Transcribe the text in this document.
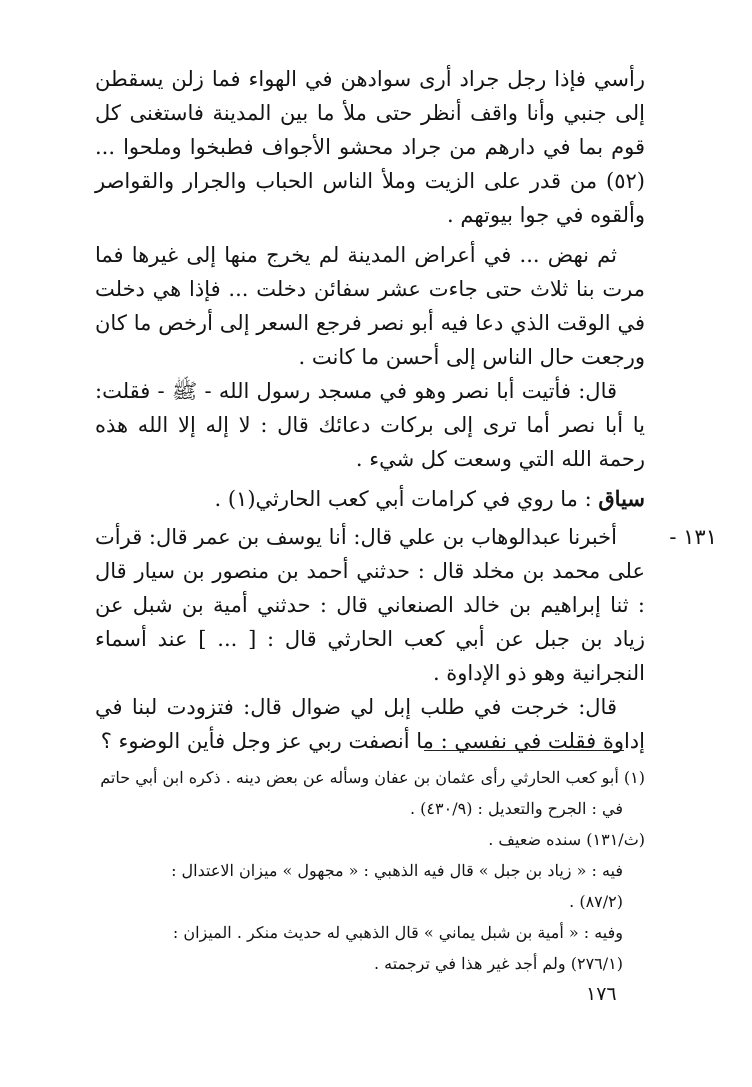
رأسي فإذا رجل جراد أرى سوادهن في الهواء فما زلن يسقطن إلى جنبي وأنا واقف أنظر حتى ملأ ما بين المدينة فاستغنى كل قوم بما في دارهم من جراد محشو الأجواف فطبخوا وملحوا ...(٥٢) من قدر على الزيت وملأ الناس الحباب والجرار والقواصر وألقوه في جوا بيوتهم .

ثم نهض ... في أعراض المدينة لم يخرج منها إلى غيرها فما مرت بنا ثلاث حتى جاءت عشر سفائن دخلت ... فإذا هي دخلت في الوقت الذي دعا فيه أبو نصر فرجع السعر إلى أرخص ما كان ورجعت حال الناس إلى أحسن ما كانت .

قال: فأتيت أبا نصر وهو في مسجد رسول الله - ﷺ - فقلت: يا أبا نصر أما ترى إلى بركات دعائك قال : لا إله إلا الله هذه رحمة الله التي وسعت كل شيء .

سياق : ما روي في كرامات أبي كعب الحارثي(١) .

١٣١ -

أخبرنا عبدالوهاب بن علي قال: أنا يوسف بن عمر قال: قرأت على محمد بن مخلد قال : حدثني أحمد بن منصور بن سيار قال : ثنا إبراهيم بن خالد الصنعاني قال : حدثني أمية بن شبل عن زياد بن جبل عن أبي كعب الحارثي قال : [ ... ] عند أسماء النجرانية وهو ذو الإداوة .

قال: خرجت في طلب إبل لي ضوال قال: فتزودت لبنا في إداوة فقلت في نفسي : ما أنصفت ربي عز وجل فأين الوضوء ؟

(١) أبو كعب الحارثي رأى عثمان بن عفان وسأله عن بعض دينه . ذكره ابن أبي حاتم

في : الجرح والتعديل : (٤٣٠/٩) .

(ث/١٣١) سنده ضعيف .

فيه : « زياد بن جبل » قال فيه الذهبي : « مجهول » ميزان الاعتدال :

(٨٧/٢) .

وفيه : « أمية بن شبل يماني » قال الذهبي له حديث منكر . الميزان :

(٢٧٦/١) ولم أجد غير هذا في ترجمته .

١٧٦
